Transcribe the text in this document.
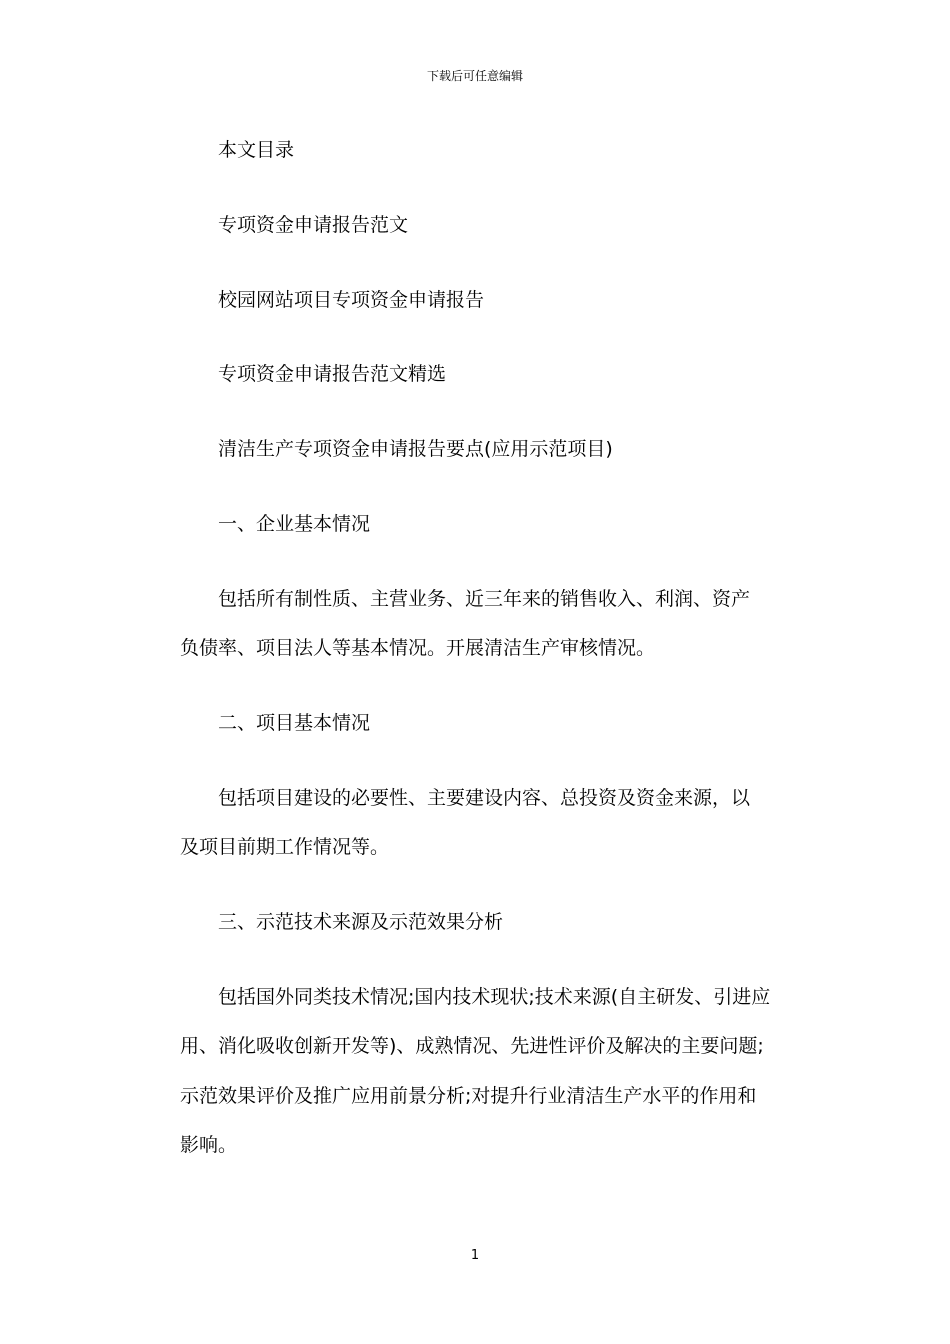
下载后可任意编辑
本文目录
专项资金申请报告范文
校园网站项目专项资金申请报告
专项资金申请报告范文精选
清洁生产专项资金申请报告要点(应用示范项目)
一、企业基本情况
包括所有制性质、主营业务、近三年来的销售收入、利润、资产
负债率、项目法人等基本情况。开展清洁生产审核情况。
二、项目基本情况
包括项目建设的必要性、主要建设内容、总投资及资金来源，以
及项目前期工作情况等。
三、示范技术来源及示范效果分析
包括国外同类技术情况;国内技术现状;技术来源(自主研发、引进应
用、消化吸收创新开发等)、成熟情况、先进性评价及解决的主要问题;
示范效果评价及推广应用前景分析;对提升行业清洁生产水平的作用和
影响。
1
